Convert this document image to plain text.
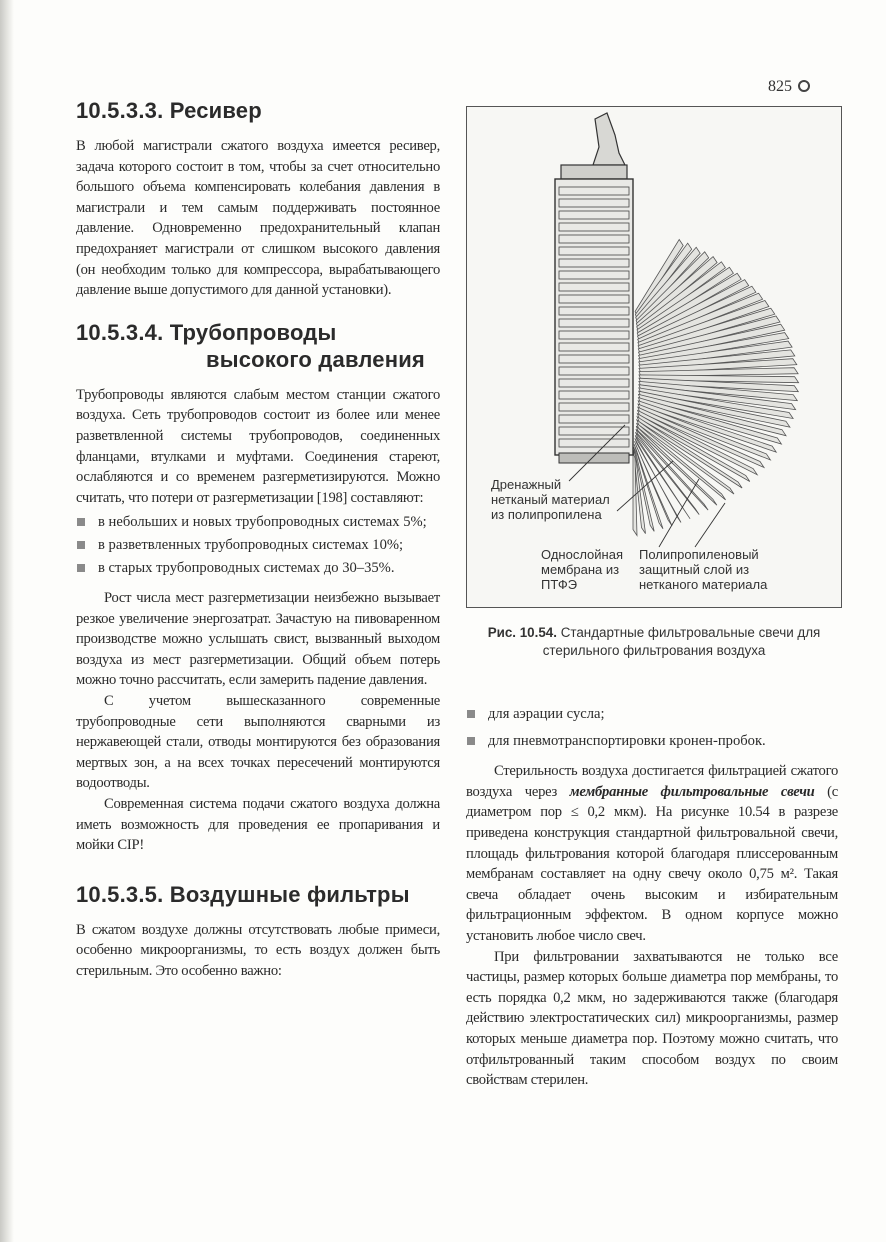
825
10.5.3.3. Ресивер

В любой магистрали сжатого воздуха имеется ресивер, задача которого состоит в том, чтобы за счет относительно большого объема компенсировать колебания давления в магистрали и тем самым поддерживать постоянное давление. Одновременно предохранительный клапан предохраняет магистрали от слишком высокого давления (он необходим только для компрессора, вырабатывающего давление выше допустимого для данной установки).

10.5.3.4. Трубопроводы
высокого давления

Трубопроводы являются слабым местом станции сжатого воздуха. Сеть трубопроводов состоит из более или менее разветвленной системы трубопроводов, соединенных фланцами, втулками и муфтами. Соединения стареют, ослабляются и со временем разгерметизируются. Можно считать, что потери от разгерметизации [198] составляют:

в небольших и новых трубопроводных системах 5%;
в разветвленных трубопроводных системах 10%;
в старых трубопроводных системах до 30–35%.

Рост числа мест разгерметизации неизбежно вызывает резкое увеличение энергозатрат. Зачастую на пивоваренном производстве можно услышать свист, вызванный выходом воздуха из мест разгерметизации. Общий объем потерь можно точно рассчитать, если замерить падение давления.

С учетом вышесказанного современные трубопроводные сети выполняются сварными из нержавеющей стали, отводы монтируются без образования мертвых зон, а на всех точках пересечений монтируются водоотводы.

Современная система подачи сжатого воздуха должна иметь возможность для проведения ее пропаривания и мойки CIP!

10.5.3.5. Воздушные фильтры

В сжатом воздухе должны отсутствовать любые примеси, особенно микроорганизмы, то есть воздух должен быть стерильным. Это особенно важно:

Дренажный
нетканый материал
из полипропилена
Однослойная
мембрана из
ПТФЭ
Полипропиленовый
защитный слой из
нетканого материала
Рис. 10.54. Стандартные фильтровальные свечи для стерильного фильтрования воздуха
для аэрации сусла;
для пневмотранспортировки кронен-пробок.

Стерильность воздуха достигается фильтрацией сжатого воздуха через мембранные фильтровальные свечи (с диаметром пор ≤ 0,2 мкм). На рисунке 10.54 в разрезе приведена конструкция стандартной фильтровальной свечи, площадь фильтрования которой благодаря плиссерованным мембранам составляет на одну свечу около 0,75 м². Такая свеча обладает очень высоким и избирательным фильтрационным эффектом. В одном корпусе можно установить любое число свеч.

При фильтровании захватываются не только все частицы, размер которых больше диаметра пор мембраны, то есть порядка 0,2 мкм, но задерживаются также (благодаря действию электростатических сил) микроорганизмы, размер которых меньше диаметра пор. Поэтому можно считать, что отфильтрованный таким способом воздух по своим свойствам стерилен.
